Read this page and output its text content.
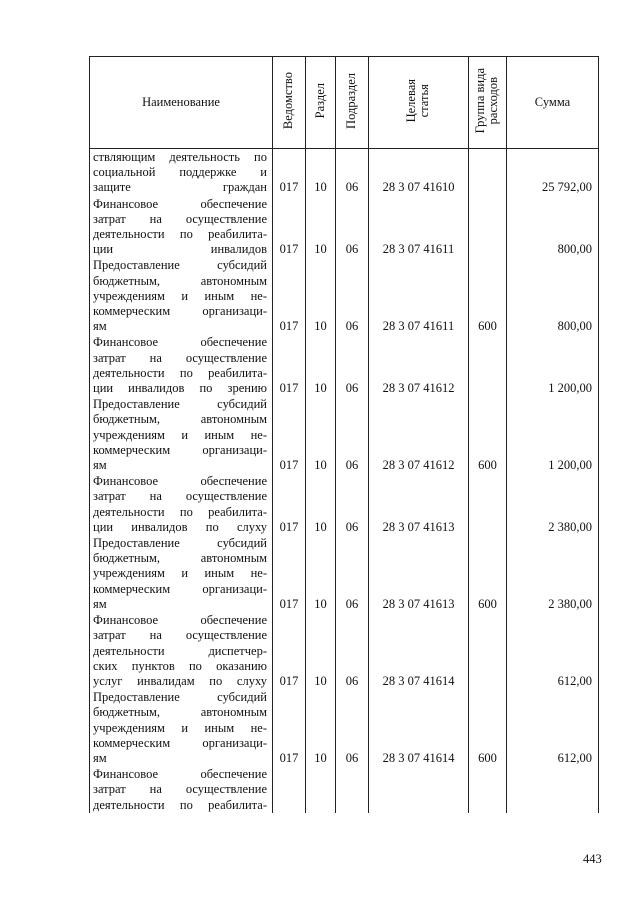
Наименование	Ведомство	Раздел	Подраздел	Целевая
статья	Группа вида
расходов	Сумма

ствляющим деятельность по
социальной поддержке и
защите граждан	017	10	06	28 3 07 41610		25 792,00

Финансовое обеспечение
затрат на осуществление
деятельности по реабилита-
ции инвалидов	017	10	06	28 3 07 41611		800,00

Предоставление субсидий
бюджетным, автономным
учреждениям и иным не-
коммерческим организаци-
ям	017	10	06	28 3 07 41611	600	800,00

Финансовое обеспечение
затрат на осуществление
деятельности по реабилита-
ции инвалидов по зрению	017	10	06	28 3 07 41612		1 200,00

Предоставление субсидий
бюджетным, автономным
учреждениям и иным не-
коммерческим организаци-
ям	017	10	06	28 3 07 41612	600	1 200,00

Финансовое обеспечение
затрат на осуществление
деятельности по реабилита-
ции инвалидов по слуху	017	10	06	28 3 07 41613		2 380,00

Предоставление субсидий
бюджетным, автономным
учреждениям и иным не-
коммерческим организаци-
ям	017	10	06	28 3 07 41613	600	2 380,00

Финансовое обеспечение
затрат на осуществление
деятельности диспетчер-
ских пунктов по оказанию
услуг инвалидам по слуху	017	10	06	28 3 07 41614		612,00

Предоставление субсидий
бюджетным, автономным
учреждениям и иным не-
коммерческим организаци-
ям	017	10	06	28 3 07 41614	600	612,00

Финансовое обеспечение
затрат на осуществление
деятельности по реабилита-						

443
